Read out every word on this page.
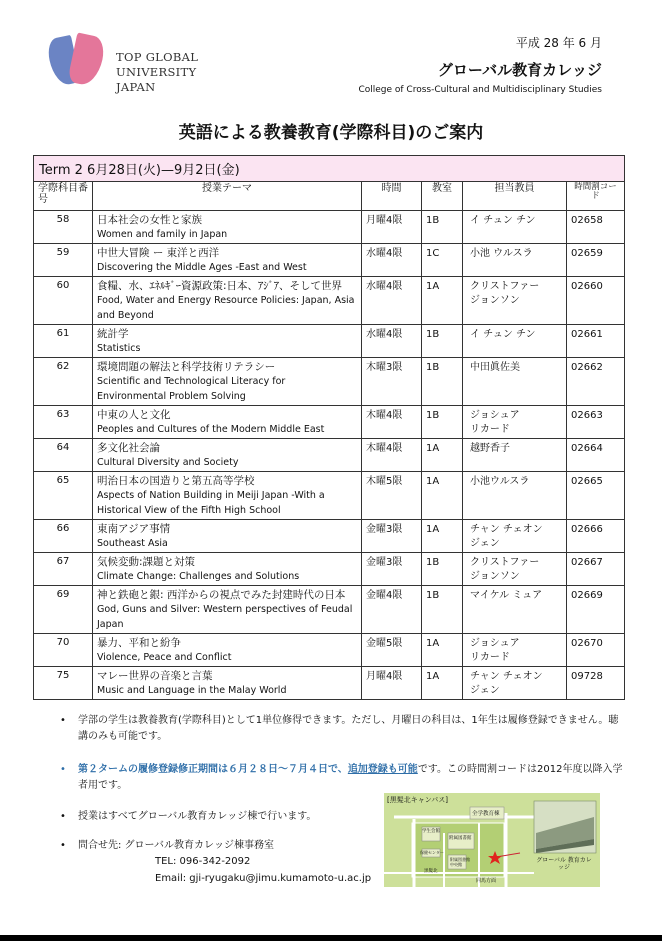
TOP GLOBAL
UNIVERSITY
JAPAN
平成 28 年 6 月
グローバル教育カレッジ
College of Cross-Cultural and Multidisciplinary Studies
英語による教養教育(学際科目)のご案内
Term 2 6月28日(火)—9月2日(金)					
学際科目番号	授業テーマ	時間	教室	担当教員	時間割コード
58	日本社会の女性と家族
Women and family in Japan	月曜4限	1B	イ チュン チン	02658
59	中世大冒険 ー 東洋と西洋
Discovering the Middle Ages -East and West	水曜4限	1C	小池 ウルスラ	02659
60	食糧、水、ｴﾈﾙｷﾞｰ資源政策:日本、ｱｼﾞｱ、そして世界
Food, Water and Energy Resource Policies: Japan, Asia and Beyond	水曜4限	1A	クリストファー
ジョンソン	02660
61	統計学
Statistics	水曜4限	1B	イ チュン チン	02661
62	環境問題の解法と科学技術リテラシー
Scientific and Technological Literacy for Environmental Problem Solving	木曜3限	1B	中田眞佐美	02662
63	中東の人と文化
Peoples and Cultures of the Modern Middle East	木曜4限	1B	ジョシュア
リカード	02663
64	多文化社会論
Cultural Diversity and Society	木曜4限	1A	越野香子	02664
65	明治日本の国造りと第五高等学校
Aspects of Nation Building in Meiji Japan -With a Historical View of the Fifth High School	木曜5限	1A	小池ウルスラ	02665
66	東南アジア事情
Southeast Asia	金曜3限	1A	チャン チェオン
ジェン	02666
67	気候変動:課題と対策
Climate Change: Challenges and Solutions	金曜3限	1B	クリストファー
ジョンソン	02667
69	神と鉄砲と銀: 西洋からの視点でみた封建時代の日本
God, Guns and Silver: Western perspectives of Feudal Japan	金曜4限	1B	マイケル ミュア	02669
70	暴力、平和と紛争
Violence, Peace and Conflict	金曜5限	1A	ジョシュア
リカード	02670
75	マレー世界の音楽と言葉
Music and Language in the Malay World	月曜4限	1A	チャン チェオン
ジェン	09728
• 学部の学生は教養教育(学際科目)として1単位修得できます。ただし、月曜日の科目は、1年生は履修登録できません。聴講のみも可能です。
• 第２タームの履修登録修正期間は６月２８日～７月４日で、追加登録も可能です。この時間割コードは2012年度以降入学者用です。
• 授業はすべてグローバル教育カレッジ棟で行います。
• 問合せ先: グローバル教育カレッジ棟事務室
TEL: 096-342-2092
Email: gji-ryugaku@jimu.kumamoto-u.ac.jp
[黒髪北キャンパス]
全学教育棟
学生会館
附属図書館
保健センター
附属図書館 中央館
黒髪北
グローバル 教育カレッジ
同馬方面
